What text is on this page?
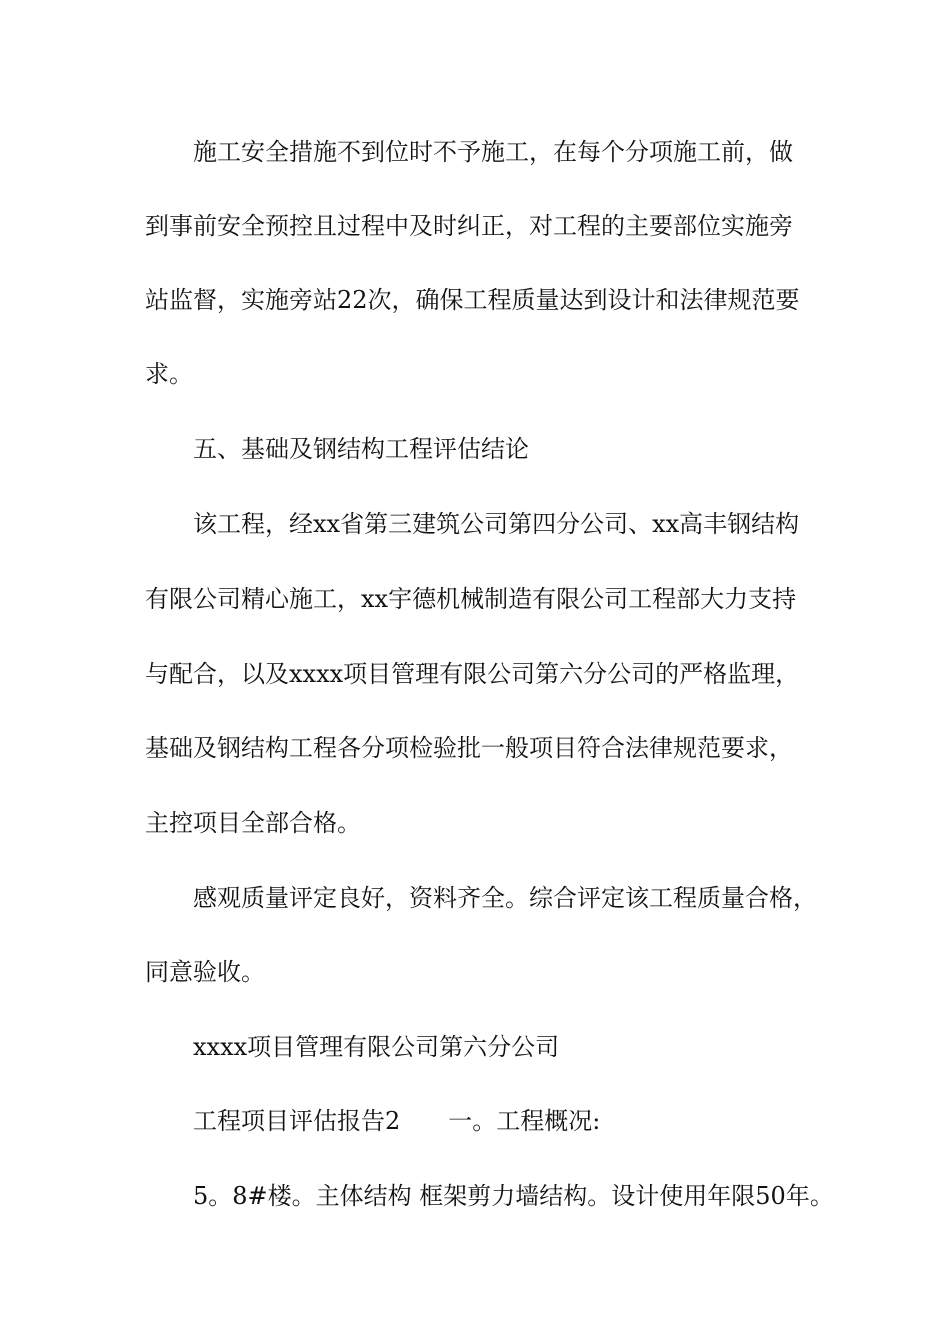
施工安全措施不到位时不予施工，在每个分项施工前，做
到事前安全预控且过程中及时纠正，对工程的主要部位实施旁
站监督，实施旁站22次，确保工程质量达到设计和法律规范要
求。
五、基础及钢结构工程评估结论
该工程，经xx省第三建筑公司第四分公司、xx高丰钢结构
有限公司精心施工，xx宇德机械制造有限公司工程部大力支持
与配合，以及xxxx项目管理有限公司第六分公司的严格监理，
基础及钢结构工程各分项检验批一般项目符合法律规范要求，
主控项目全部合格。
感观质量评定良好，资料齐全。综合评定该工程质量合格，
同意验收。
xxxx项目管理有限公司第六分公司
工程项目评估报告2　　一。工程概况:
5。8#楼。主体结构 框架剪力墙结构。设计使用年限50年。
